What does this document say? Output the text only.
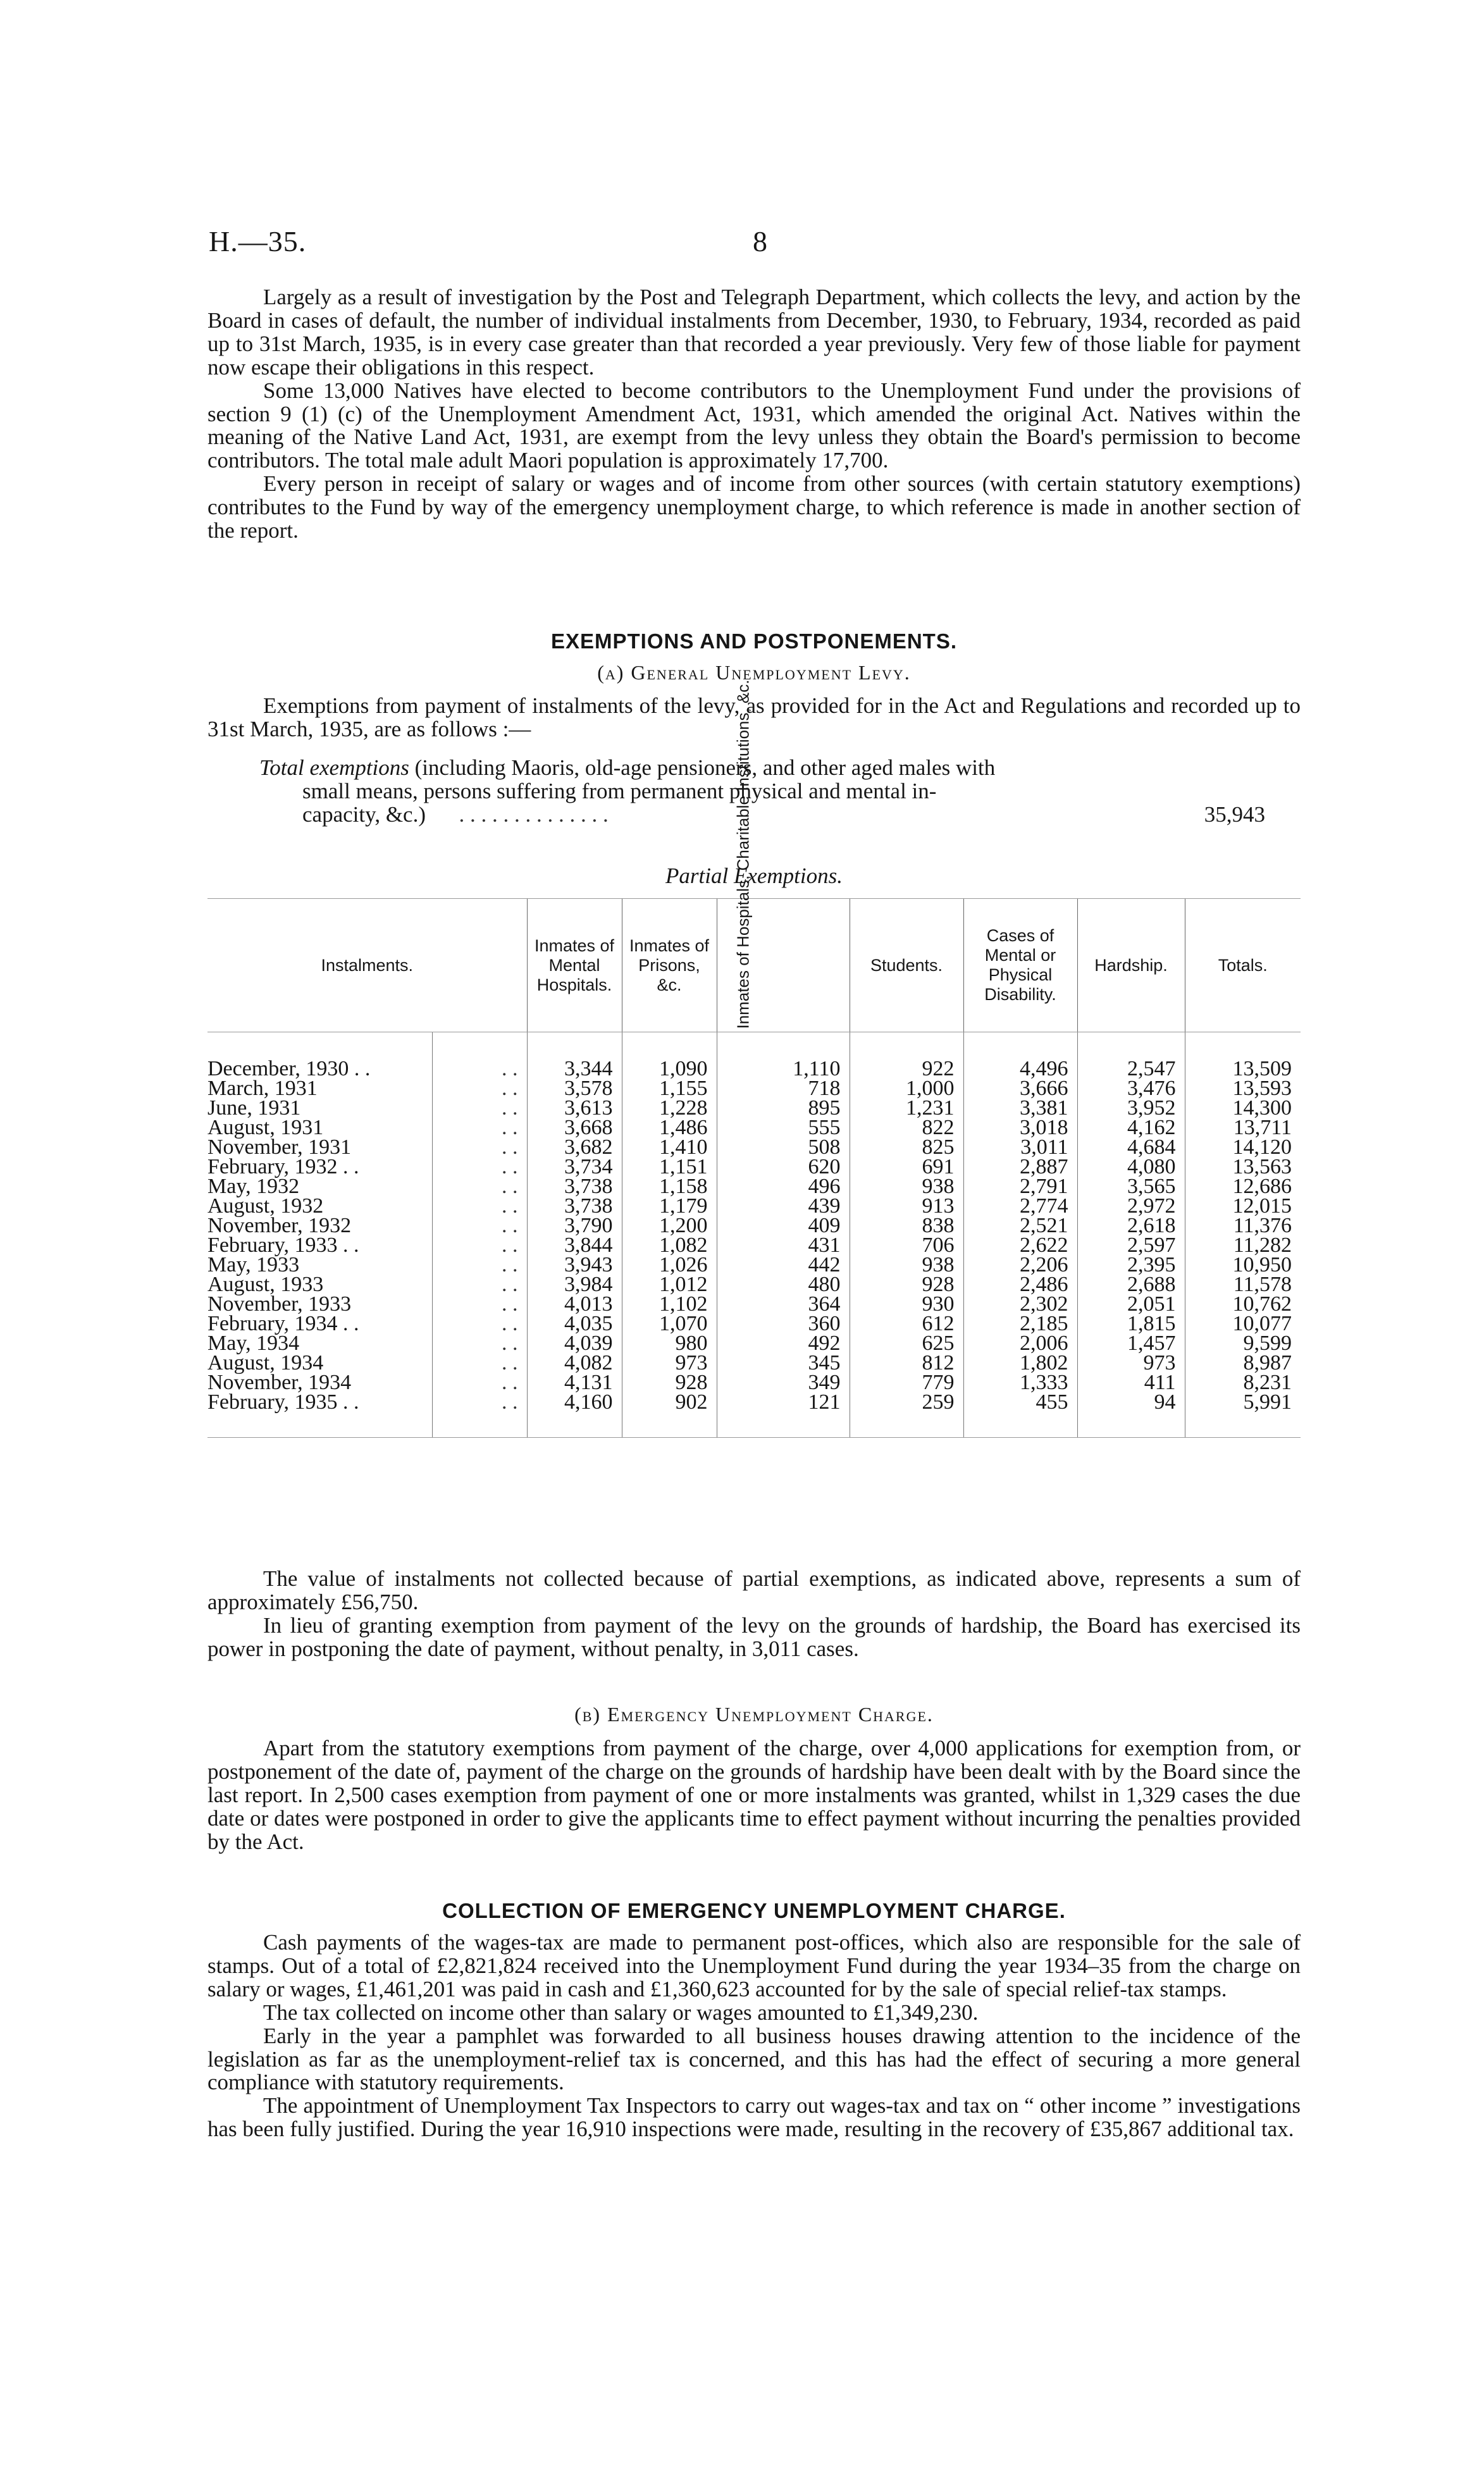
H.—35.	8

Largely as a result of investigation by the Post and Telegraph Department, which collects the levy, and action by the Board in cases of default, the number of individual instalments from December, 1930, to February, 1934, recorded as paid up to 31st March, 1935, is in every case greater than that recorded a year previously. Very few of those liable for payment now escape their obligations in this respect.

Some 13,000 Natives have elected to become contributors to the Unemployment Fund under the provisions of section 9 (1) (c) of the Unemployment Amendment Act, 1931, which amended the original Act. Natives within the meaning of the Native Land Act, 1931, are exempt from the levy unless they obtain the Board's permission to become contributors. The total male adult Maori population is approximately 17,700.

Every person in receipt of salary or wages and of income from other sources (with certain statutory exemptions) contributes to the Fund by way of the emergency unemployment charge, to which reference is made in another section of the report.

EXEMPTIONS AND POSTPONEMENTS.
(a) General Unemployment Levy.

Exemptions from payment of instalments of the levy, as provided for in the Act and Regulations and recorded up to 31st March, 1935, are as follows :—

Total exemptions (including Maoris, old-age pensioners, and other aged males with
small means, persons suffering from permanent physical and mental in-
capacity, &c.) . . . . . . . . . . . . . .	35,943
Partial Exemptions.
Instalments.		Inmates of Mental Hospitals.	Inmates of Prisons, &c.	Inmates of Hospitals, Charitable Institutions, &c.	Students.	Cases of Mental or Physical Disability.	Hardship.	Totals.

December, 1930 . .	. .	3,344	1,090	1,110	922	4,496	2,547	13,509
March, 1931	. .	3,578	1,155	718	1,000	3,666	3,476	13,593
June, 1931	. .	3,613	1,228	895	1,231	3,381	3,952	14,300
August, 1931	. .	3,668	1,486	555	822	3,018	4,162	13,711
November, 1931	. .	3,682	1,410	508	825	3,011	4,684	14,120
February, 1932 . .	. .	3,734	1,151	620	691	2,887	4,080	13,563
May, 1932	. .	3,738	1,158	496	938	2,791	3,565	12,686
August, 1932	. .	3,738	1,179	439	913	2,774	2,972	12,015
November, 1932	. .	3,790	1,200	409	838	2,521	2,618	11,376
February, 1933 . .	. .	3,844	1,082	431	706	2,622	2,597	11,282
May, 1933	. .	3,943	1,026	442	938	2,206	2,395	10,950
August, 1933	. .	3,984	1,012	480	928	2,486	2,688	11,578
November, 1933	. .	4,013	1,102	364	930	2,302	2,051	10,762
February, 1934 . .	. .	4,035	1,070	360	612	2,185	1,815	10,077
May, 1934	. .	4,039	980	492	625	2,006	1,457	9,599
August, 1934	. .	4,082	973	345	812	1,802	973	8,987
November, 1934	. .	4,131	928	349	779	1,333	411	8,231
February, 1935 . .	. .	4,160	902	121	259	455	94	5,991

The value of instalments not collected because of partial exemptions, as indicated above, represents a sum of approximately £56,750.

In lieu of granting exemption from payment of the levy on the grounds of hardship, the Board has exercised its power in postponing the date of payment, without penalty, in 3,011 cases.

(b) Emergency Unemployment Charge.

Apart from the statutory exemptions from payment of the charge, over 4,000 applications for exemption from, or postponement of the date of, payment of the charge on the grounds of hardship have been dealt with by the Board since the last report. In 2,500 cases exemption from payment of one or more instalments was granted, whilst in 1,329 cases the due date or dates were postponed in order to give the applicants time to effect payment without incurring the penalties provided by the Act.

COLLECTION OF EMERGENCY UNEMPLOYMENT CHARGE.

Cash payments of the wages-tax are made to permanent post-offices, which also are responsible for the sale of stamps. Out of a total of £2,821,824 received into the Unemployment Fund during the year 1934–35 from the charge on salary or wages, £1,461,201 was paid in cash and £1,360,623 accounted for by the sale of special relief-tax stamps.

The tax collected on income other than salary or wages amounted to £1,349,230.

Early in the year a pamphlet was forwarded to all business houses drawing attention to the incidence of the legislation as far as the unemployment-relief tax is concerned, and this has had the effect of securing a more general compliance with statutory requirements.

The appointment of Unemployment Tax Inspectors to carry out wages-tax and tax on “ other income ” investigations has been fully justified. During the year 16,910 inspections were made, resulting in the recovery of £35,867 additional tax.
